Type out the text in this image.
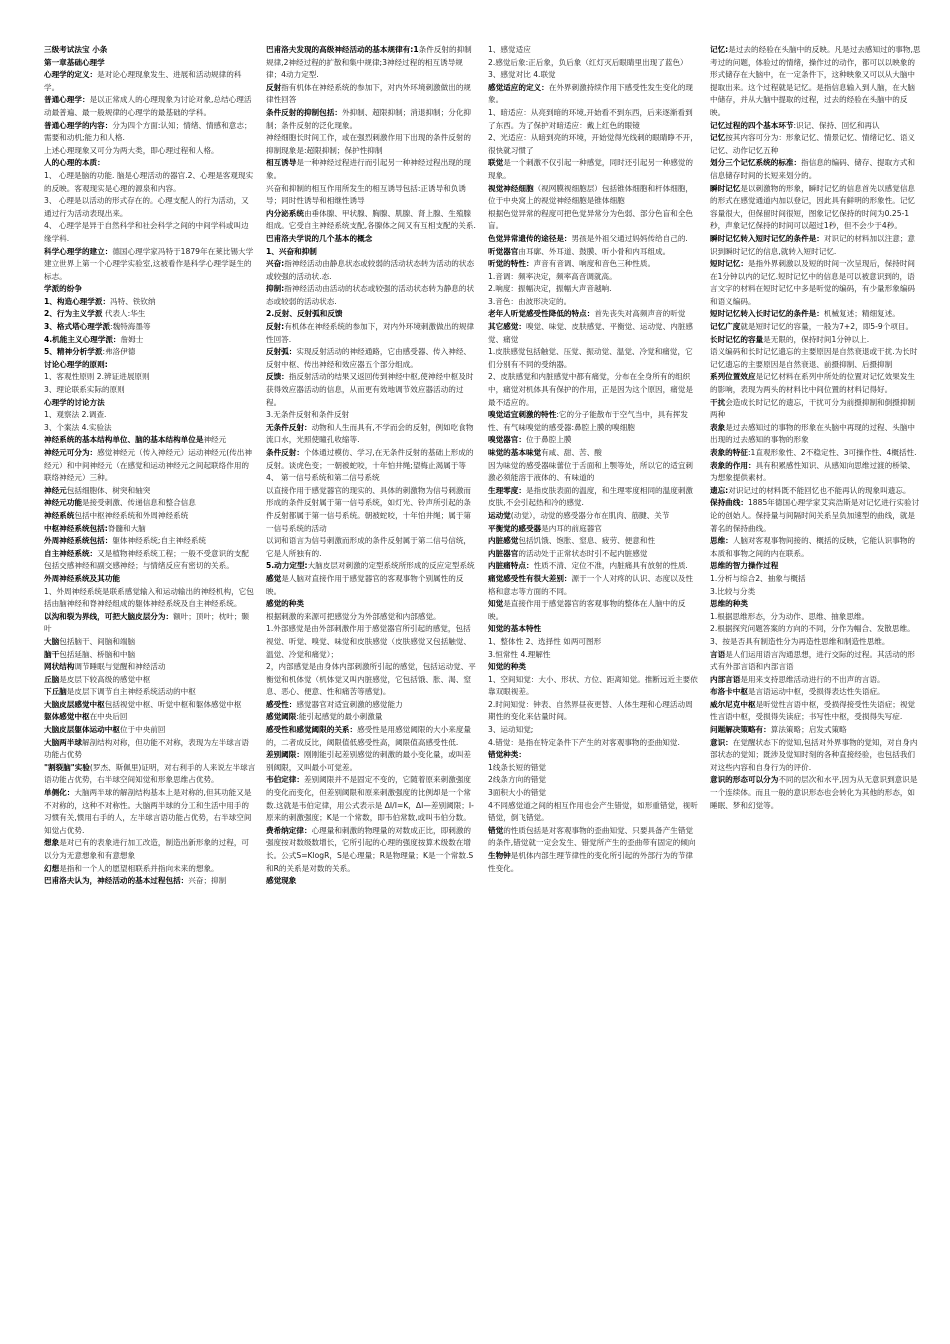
三级考试法宝 小条

第一章基础心理学

心理学的定义：是对论心理现象发生、进展和活动规律的科学。

普通心理学：是以正常成人的心理现象为讨论对象,总结心理活动最普遍、最一般规律的心理学的最基础的学科。

普通心理学的内容：分为四个方面:认知；情绪、情感和意志；需要和动机;能力和人格.

上述心理现象又可分为两大类，即心理过程和人格。

人的心理的本质：

1、 心理是脑的功能. 脑是心理活动的器官.2、心理是客观现实的反映。客观现实是心理的源泉和内容。

3、 心理是以活动的形式存在的。心理支配人的行为活动，又通过行为活动表现出来。

4、 心理学是异于自然科学和社会科学之间的中间学科或叫边缘学科.

科学心理学的建立：德国心理学家冯特于1879年在莱比锡大学建立世界上第一个心理学实验室,这被看作是科学心理学诞生的标志。

学派的纷争

1、构造心理学派：冯特、铁钦纳

2、行为主义学派 代表人:华生

3、格式塔心理学派:魏特海墨等

4.机能主义心理学派：詹姆士

5、精神分析学派:弗洛伊德

讨论心理学的原则:

1、客观性原则 2.辨证进展原则

3、理论联系实际的原则

心理学的讨论方法

1、观察法 2.调查.

3、个案法 4.实验法

神经系统的基本结构单位、脑的基本结构单位是神经元

神经元可分为：感觉神经元（传入神经元）运动神经元(传出神经元）和中间神经元（在感觉和运动神经元之间起联络作用的联络神经元）三种。

神经元包括细胞体、树突和轴突

神经元功能是接受刺激、传递信息和整合信息

神经系统包括中枢神经系统和外周神经系统

中枢神经系统包括:脊髓和大脑

外周神经系统包括：躯体神经系统;自主神经系统

自主神经系统：又是植物神经系统工程；一般不受意识的支配包括交感神经和副交感神经；与情绪反应有密切的关系。

外周神经系统及其功能

1、外周神经系统是联系感觉输入和运动输出的神经机构，它包括由脑神经和脊神经组成的躯体神经系统及自主神经系统。

以沟和裂为界线，可把大脑皮层分为：额叶；顶叶；枕叶；颞叶

大脑包括脑干、间脑和端脑

脑干包括延脑、桥脑和中脑

网状结构调节睡眠与觉醒和神经活动

丘脑是皮层下较高级的感觉中枢

下丘脑是皮层下调节自主神经系统活动的中枢

大脑皮层感觉中枢包括视觉中枢、听觉中枢和躯体感觉中枢

躯体感觉中枢在中央后回

大脑皮层躯体运动中枢位于中央前回

大脑两半球解剖结构对称，但功能不对称，表现为左半球言语功能占优势

"割裂脑"实验(罗杰、斯佩里)证明，对右利手的人来说左半球言语功能占优势，右半球空间知觉和形象思维占优势。

单侧化：大脑两半球的解剖结构基本上是对称的,但其功能又是不对称的，这种不对称性。大脑两半球的分工和生活中用手的习惯有关,惯用右手的人，左半球言语功能占优势，右半球空间知觉占优势.

想象是对已有的表象进行加工改造，制造出新形象的过程，可以分为无意想象和有意想象

幻想是指和一个人的愿望相联系并指向未来的想象。

巴甫洛夫认为，神经活动的基本过程包括：兴奋；抑制

巴甫洛夫发现的高级神经活动的基本规律有:1条件反射的抑制规律,2神经过程的扩散和集中规律;3神经过程的相互诱导规律；4动力定型.

反射指有机体在神经系统的参加下，对内外环境刺激做出的规律性回答

条件反射的抑制包括：外抑制、超限抑制；消退抑制；分化抑制；条件反射的泛化现象。

神经细胞长时间工作，或在强烈刺激作用下出现的条件反射的抑制现象是:超限抑制；保护性抑制

相互诱导是一种神经过程进行而引起另一种神经过程出现的现象。

兴奋和抑制的相互作用所发生的相互诱导包括:正诱导和负诱导；同时性诱导和相继性诱导

内分泌系统由垂体腺、甲状腺、胸腺、肌腺、肾上腺、生殖腺组成。它受自主神经系统支配,各腺体之间又有互相支配的关系.

巴甫洛夫学说的几个基本的概念

1、兴奋和抑制

兴奋:指神经活动由静息状态或较弱的活动状态转为活动的状态或较强的活动状.态.

抑制:指神经活动由活动的状态或较强的活动状态转为静息的状态或较弱的活动状态.

2.反射、反射弧和反馈

反射:有机体在神经系统的参加下，对内外环境刺激做出的规律性回答.

反射弧：实现反射活动的神经通路，它由感受器、传入神经、反射中枢、传出神经和效应器五个部分组成。

反馈：指反射活动的结果又返回传到神经中枢,使神经中枢及时获得效应器活动的信息，从而更有效地调节效应器活动的过程。

3.无条件反射和条件反射

无条件反射：动物和人生而具有,不学而会的反射，例如吃食物流口水，光照使瞳孔收缩等.

条件反射：个体通过模仿、学习,在无条件反射的基础上形成的反射。谈虎色变；一朝被蛇咬，十年怕井绳;望梅止渴属于等

4、 第一信号系统和第二信号系统

以直接作用于感觉器官的现实的、具体的刺激物为信号刺激而形成的条件反射属于第一信号系统，如灯光、铃声所引起的条件反射都属于第一信号系统。朝被蛇咬，十年怕井绳；属于第一信号系统的活动

以词和语言为信号刺激而形成的条件反射属于第二信号信统，它是人所独有的.

5.动力定型:大脑皮层对刺激的定型系统所形成的反应定型系统

感觉是人脑对直接作用于感觉器官的客观事物个别属性的反映。

感觉的种类

根据刺激的来源可把感觉分为外部感觉和内部感觉。

1.外部感觉是由外部刺激作用于感觉器官所引起的感觉，包括视觉、听觉、嗅觉、味觉和皮肤感觉（皮肤感觉又包括触觉、温觉、冷觉和痛觉）；

2，内部感觉是由身体内部刺激所引起的感觉，包括运动觉、平衡觉和机体觉（机体觉又叫内脏感觉，它包括饿、胀、渴、窒息、恶心、便意、性和痛苦等感觉)。

感受性：感觉器官对适宜刺激的感觉能力

感觉阈限:能引起感觉的最小刺激量

感受性和感觉阈限的关系：感受性是用感觉阈限的大小来度量的，二者成反比，阈限值低感受性高，阈限值高感受性低.

差别阈限：刚刚能引起差别感觉的刺激的最小变化量，或叫差别阈限，又叫最小可觉差。

韦伯定律：差别阈限并不是固定不变的，它随着原来刺激强度的变化而变化，但差别阈限和原来刺激强度的比例却是一个常数.这就是韦伯定律，用公式表示是 ΔI/I=K，ΔI—差别阈限；I-原来的刺激强度；K是一个常数，即韦伯常数,或叫韦伯分数。

费希纳定律：心理量和刺激的物理量的对数成正比，即刺激的强度按对数级数增长，它所引起的心理的强度按算术级数在增长。公式S=KlogR，S是心理量；R是物理量；K是一个常数.S和R的关系是对数的关系。

感觉现象

1、感觉适应

2.感觉后象:正后象，负后象（红灯灭后眼睛里出现了蓝色）

3、感觉对比 4.联觉

感觉适应的定义：在外界刺激持续作用下感受性发生变化的现象。

1、暗适应：从亮到暗的环境,开始看不到东西，后来逐渐看到了东西。为了保护对暗适应：戴上红色的眼镜

2、光适应：从暗到亮的环境，开始觉得光线刺的眼睛睁不开，很快就习惯了

联觉是一个刺激不仅引起一种感觉，同时还引起另一种感觉的现象。

视觉神经细胞（视网膜视细胞层）包括锥体细胞和杆体细胞，位于中央窝上的视觉神经细胞是锥体细胞

根据色觉异常的程度可把色觉异常分为色弱、部分色盲和全色盲。

色觉异常遗传的途径是：男孩是外祖父通过妈妈传给自己的.

听觉器官由耳廓、外耳道、鼓膜、听小骨和内耳组成。

听觉的特性：声音有音调、响度和音色三种性质。

1.音调：频率决定，频率高音调就高。

2.响度：振幅决定，振幅大声音越响.

3.音色：由波形决定的。

老年人听觉感受性降低的特点：首先丧失对高频声音的听觉

其它感觉：嗅觉、味觉、皮肤感觉、平衡觉、运动觉、内脏感觉、痛觉

1.皮肤感觉包括触觉、压觉、振动觉、温觉、冷觉和痛觉，它们分别有不同的受纳器。

2、皮肤感觉和内脏感觉中都有痛觉，分布在全身所有的组织中，痛觉对机体具有保护的作用，正是因为这个原因，痛觉是最不适应的。

嗅觉适宜刺激的特性:它的分子能散布于空气当中，具有挥发性、有气味嗅觉的感受器:鼻腔上膜的嗅细胞

嗅觉器官：位于鼻腔上膜

味觉的基本味觉有咸、甜、苦、酸

因为味觉的感受器味蕾位于舌面和上颚等处，所以它的适宜刺激必须能溶于液体的、有味道的

生理零度：是指皮肤表面的温度，和生理零度相同的温度刺激皮肤,不会引起热和冷的感觉.

运动觉(动觉），动觉的感受器分布在肌肉、筋腱、关节

平衡觉的感受器是内耳的前庭器官

内脏感觉包括饥饿、饱胀、窒息、疲劳、便意和性

内脏器官的活动处于正常状态时引不起内脏感觉

内脏痛特点：性质不清、定位不准，内脏痛具有放射的性质.

痛觉感受性有很大差别：源于一个人对疼的认识、态度以及性格和意志等方面的不同。

知觉是直接作用于感觉器官的客观事物的整体在人脑中的反映。

知觉的基本特性

1、整体性 2、选择性 如两可图形

3.恒常性 4.理解性

知觉的种类

1、空间知觉：大小、形状、方位、距离知觉。推断远近主要依靠双眼视差。

2.时间知觉：钟表、自然界昼夜更替、人体生理和心理活动周期性的变化来估量时间。

3、运动知觉;

4.错觉：是指在特定条件下产生的对客观事物的歪曲知觉.

错觉种类：

1线条长短的错觉

2线条方向的错觉

3面积大小的错觉

4不同感觉道之间的相互作用也会产生错觉，如形重错觉，视听错觉，倒飞错觉。

错觉的性质包括是对客观事物的歪曲知觉、只要具备产生错觉的条件,错觉就一定会发生、错觉所产生的歪曲带有固定的倾向

生物钟是机体内部生理节律性的变化所引起的外部行为的节律性变化。

记忆:是过去的经验在头脑中的反映。凡是过去感知过的事物,思考过的问题，体验过的情绪，操作过的动作，都可以以映象的形式储存在大脑中，在一定条件下，这种映象又可以从大脑中提取出来。这个过程就是记忆。是指信息输入到人脑，在大脑中储存，并从大脑中提取的过程，过去的经验在头脑中的反映。

记忆过程的四个基本环节:识记、保持、回忆和再认

记忆按其内容可分为：形象记忆、情景记忆、情绪记忆、语义记忆、动作记忆五种

划分三个记忆系统的标准：指信息的编码、储存、提取方式和信息储存时间的长短来划分的。

瞬时记忆是以刺激物的形象，瞬时记忆的信息首先以感觉信息的形式在感觉通道内加以登记，因此具有鲜明的形象性。记忆容量很大，但保留时间很短，图象记忆保持的时间为0.25-1秒，声象记忆保持的时间可以超过1秒，但不会少于4秒。

瞬时记忆转入短时记忆的条件是：对识记的材料加以注意；意识到瞬时记忆的信息,就转入短时记忆.

短时记忆：是指外界刺激以及短的时间一次呈现后，保持时间在1分钟以内的记忆.短时记忆中的信息是可以被意识到的，语言文字的材料在短时记忆中多是听觉的编码，有少量形象编码和语义编码。

短时记忆转入长时记忆的条件是：机械复述；精细复述。

记忆广度就是短时记忆的容量，一般为7+2，即5-9个项目。

长时记忆的容量是无限的，保持时间1分钟以上.

语义编码和长时记忆遗忘的主要原因是自然衰退或干扰.为长时记忆遗忘的主要原因是自然衰退、前摄抑制、后摄抑制

系列位置效应是记忆材料在系列中所处的位置对记忆效果发生的影响，表现为两头的材料比中间位置的材料记得好。

干扰会造成长时记忆的遗忘，干扰可分为前摄抑制和倒摄抑制两种

表象是过去感知过的事物的形象在头脑中再现的过程、头脑中出现的过去感知的事物的形象

表象的特征:1直观形象性、2不稳定性、3可操作性、4概括性.

表象的作用：具有积累感性知识、从感知向思维过渡的桥梁、为想象提供素材。

遗忘:对识记过的材料既不能回忆也不能再认的现象叫遗忘。

保持曲线：1885年德国心理学家艾宾浩斯是对记忆进行实验讨论的创始人。保持量与间隔时间关系呈负加速型的曲线，就是著名的保持曲线。

思维：人脑对客观事物间接的、概括的反映，它能认识事物的本质和事物之间的内在联系。

思维的智力操作过程

1.分析与综合2、抽象与概括

3.比较与分类

思维的种类

1.根据思维形态，分为动作、思维、抽象思维。

2.根据探究问题答案的方向的不同，分作为幅合、发散思维。

3、按是否具有制造性分为再造性思维和制造性思维。

言语是人们运用语言沟通思想，进行交际的过程。其活动的形式有外部言语和内部言语

内部言语是用来支持思维活动进行的不出声的言语。

布洛卡中枢是言语运动中枢，受损得表达性失语症。

威尔尼克中枢是听觉性言语中枢，受损得接受性失语症；视觉性言语中枢，受损得失读症；书写性中枢，受损得失写症.

问题解决策略有：算法策略；启发式策略

意识：在觉醒状态下的觉知,包括对外界事物的觉知，对自身内部状态的觉知；既涉及觉知时刻的各种直接经验，也包括我们对这些内容和自身行为的评价.

意识的形态可以分为不同的层次和水平,因为从无意识到意识是一个连续体。而且一般的意识形态也会转化为其他的形态，如睡眠、梦和幻觉等。
